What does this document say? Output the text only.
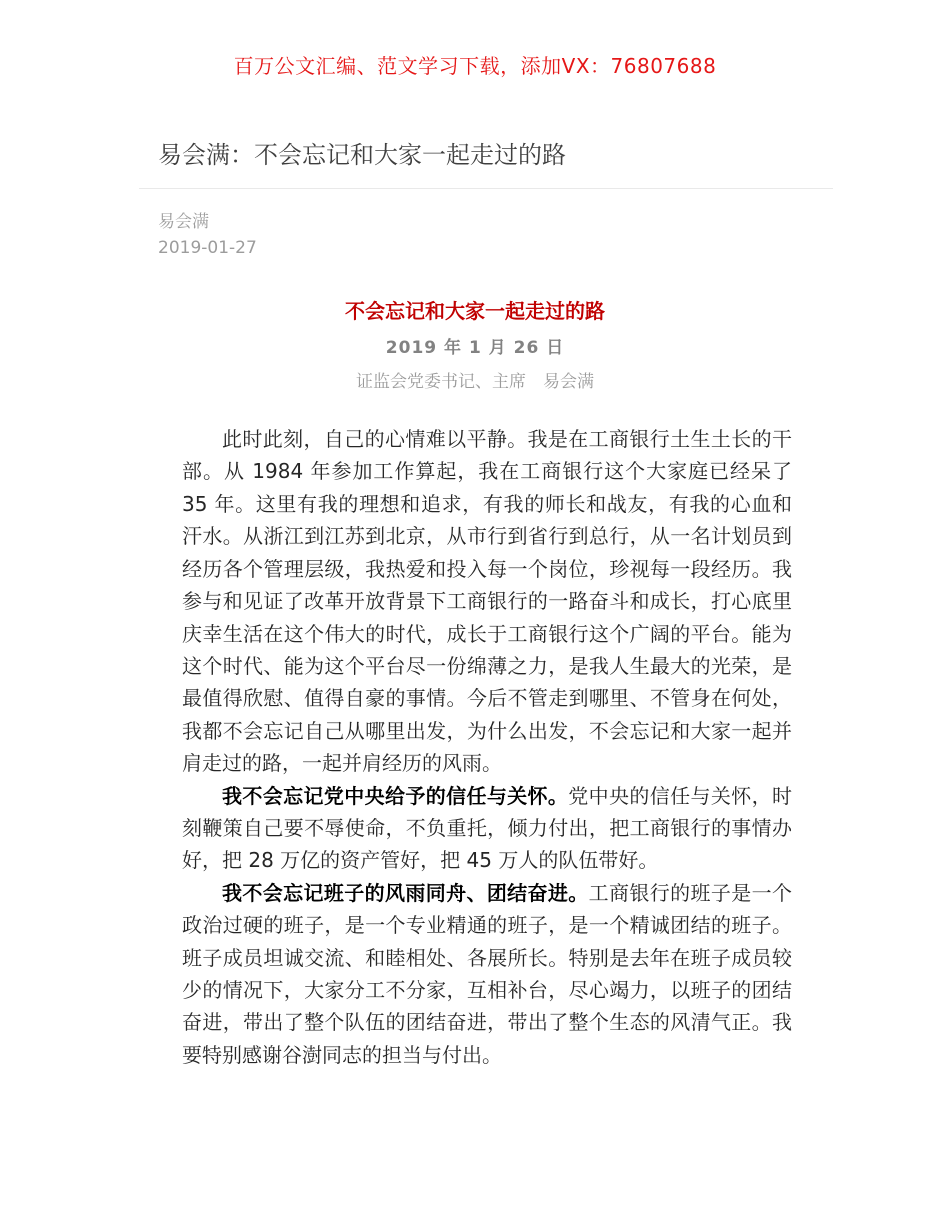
百万公文汇编、范文学习下载，添加VX：76807688
易会满：不会忘记和大家一起走过的路
易会满
2019-01-27
不会忘记和大家一起走过的路
2019 年 1 月 26 日
证监会党委书记、主席　易会满

此时此刻，自己的心情难以平静。我是在工商银行土生土长的干部。从 1984 年参加工作算起，我在工商银行这个大家庭已经呆了 35 年。这里有我的理想和追求，有我的师长和战友，有我的心血和汗水。从浙江到江苏到北京，从市行到省行到总行，从一名计划员到经历各个管理层级，我热爱和投入每一个岗位，珍视每一段经历。我参与和见证了改革开放背景下工商银行的一路奋斗和成长，打心底里庆幸生活在这个伟大的时代，成长于工商银行这个广阔的平台。能为这个时代、能为这个平台尽一份绵薄之力，是我人生最大的光荣，是最值得欣慰、值得自豪的事情。今后不管走到哪里、不管身在何处，我都不会忘记自己从哪里出发，为什么出发，不会忘记和大家一起并肩走过的路，一起并肩经历的风雨。

我不会忘记党中央给予的信任与关怀。党中央的信任与关怀，时刻鞭策自己要不辱使命，不负重托，倾力付出，把工商银行的事情办好，把 28 万亿的资产管好，把 45 万人的队伍带好。

我不会忘记班子的风雨同舟、团结奋进。工商银行的班子是一个政治过硬的班子，是一个专业精通的班子，是一个精诚团结的班子。班子成员坦诚交流、和睦相处、各展所长。特别是去年在班子成员较少的情况下，大家分工不分家，互相补台，尽心竭力，以班子的团结奋进，带出了整个队伍的团结奋进，带出了整个生态的风清气正。我要特别感谢谷澍同志的担当与付出。
